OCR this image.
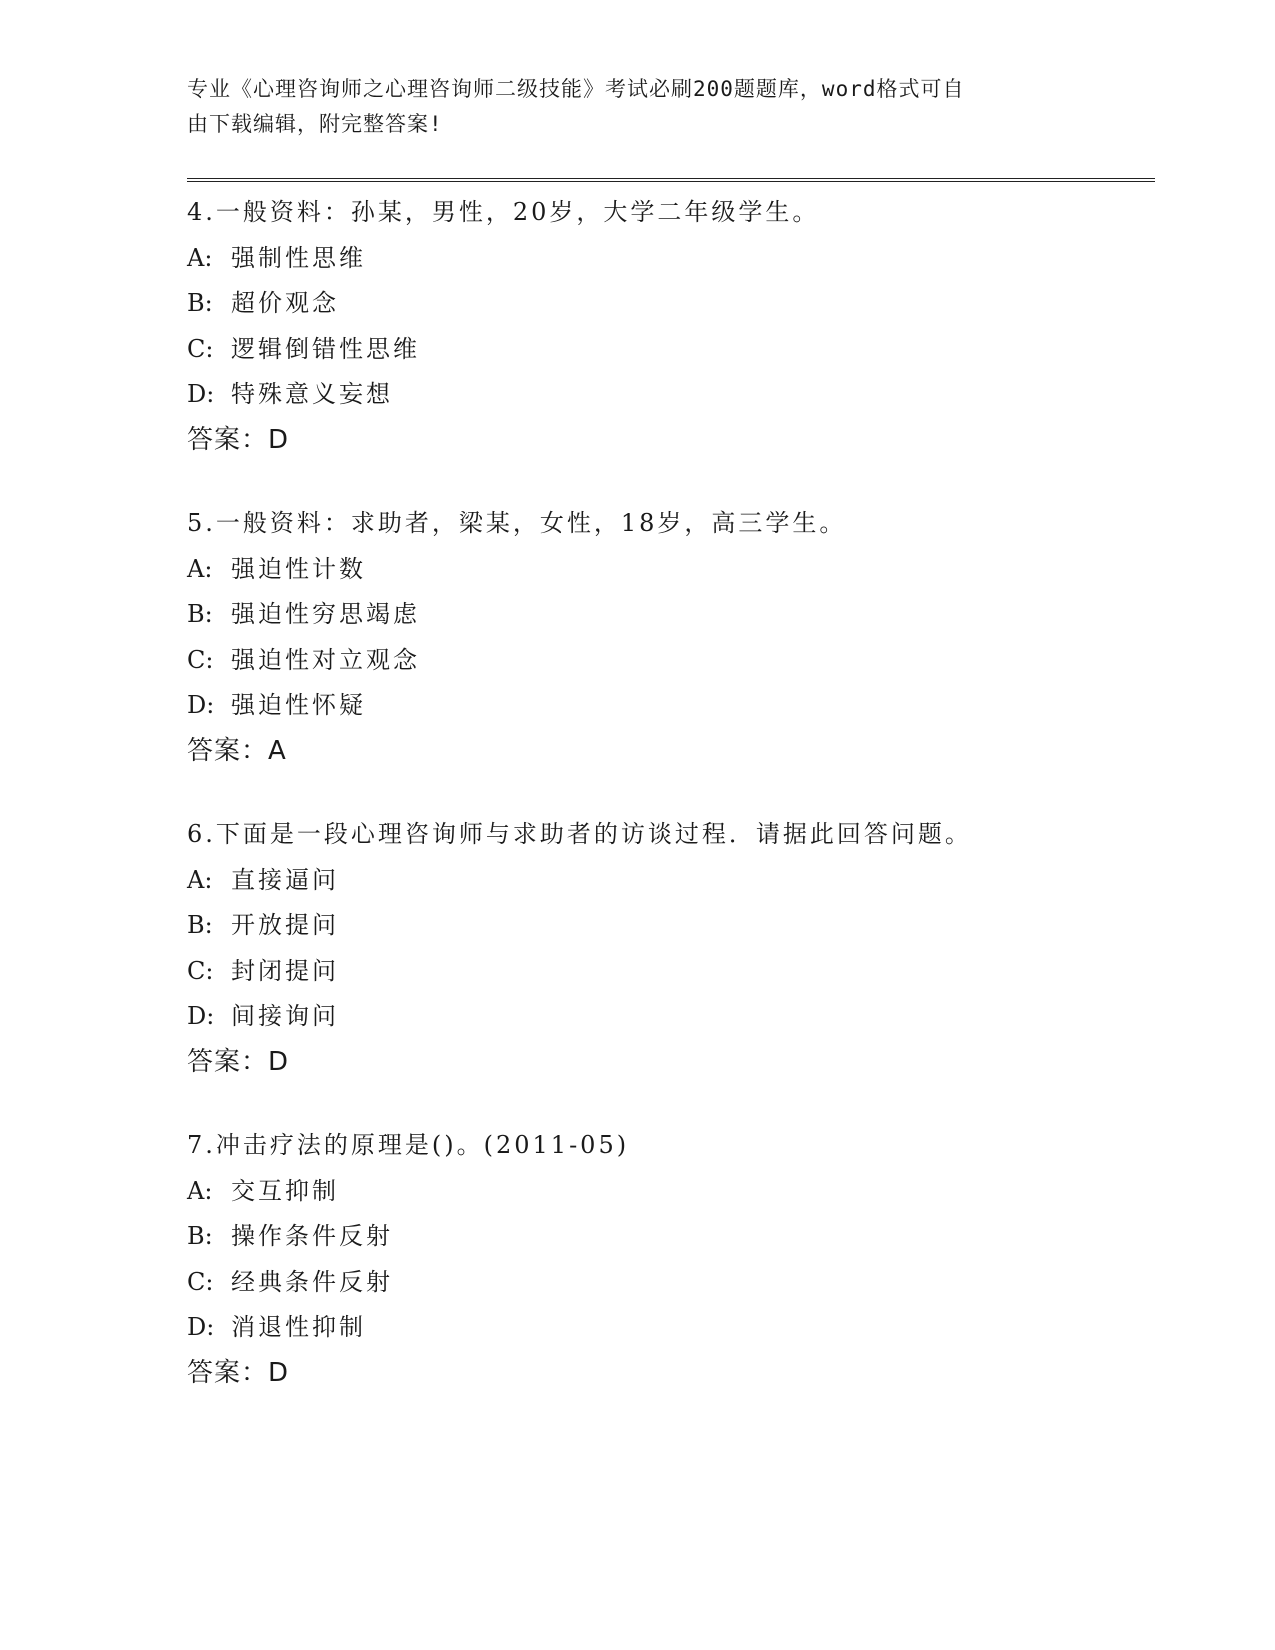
专业《心理咨询师之心理咨询师二级技能》考试必刷200题题库，word格式可自
由下载编辑，附完整答案!
4.一般资料：孙某，男性，20岁，大学二年级学生。
A: 强制性思维
B: 超价观念
C: 逻辑倒错性思维
D: 特殊意义妄想
答案：D
5.一般资料：求助者，梁某，女性，18岁，高三学生。
A: 强迫性计数
B: 强迫性穷思竭虑
C: 强迫性对立观念
D: 强迫性怀疑
答案：A
6.下面是一段心理咨询师与求助者的访谈过程．请据此回答问题。
A: 直接逼问
B: 开放提问
C: 封闭提问
D: 间接询问
答案：D
7.冲击疗法的原理是()。(2011-05)
A: 交互抑制
B: 操作条件反射
C: 经典条件反射
D: 消退性抑制
答案：D
